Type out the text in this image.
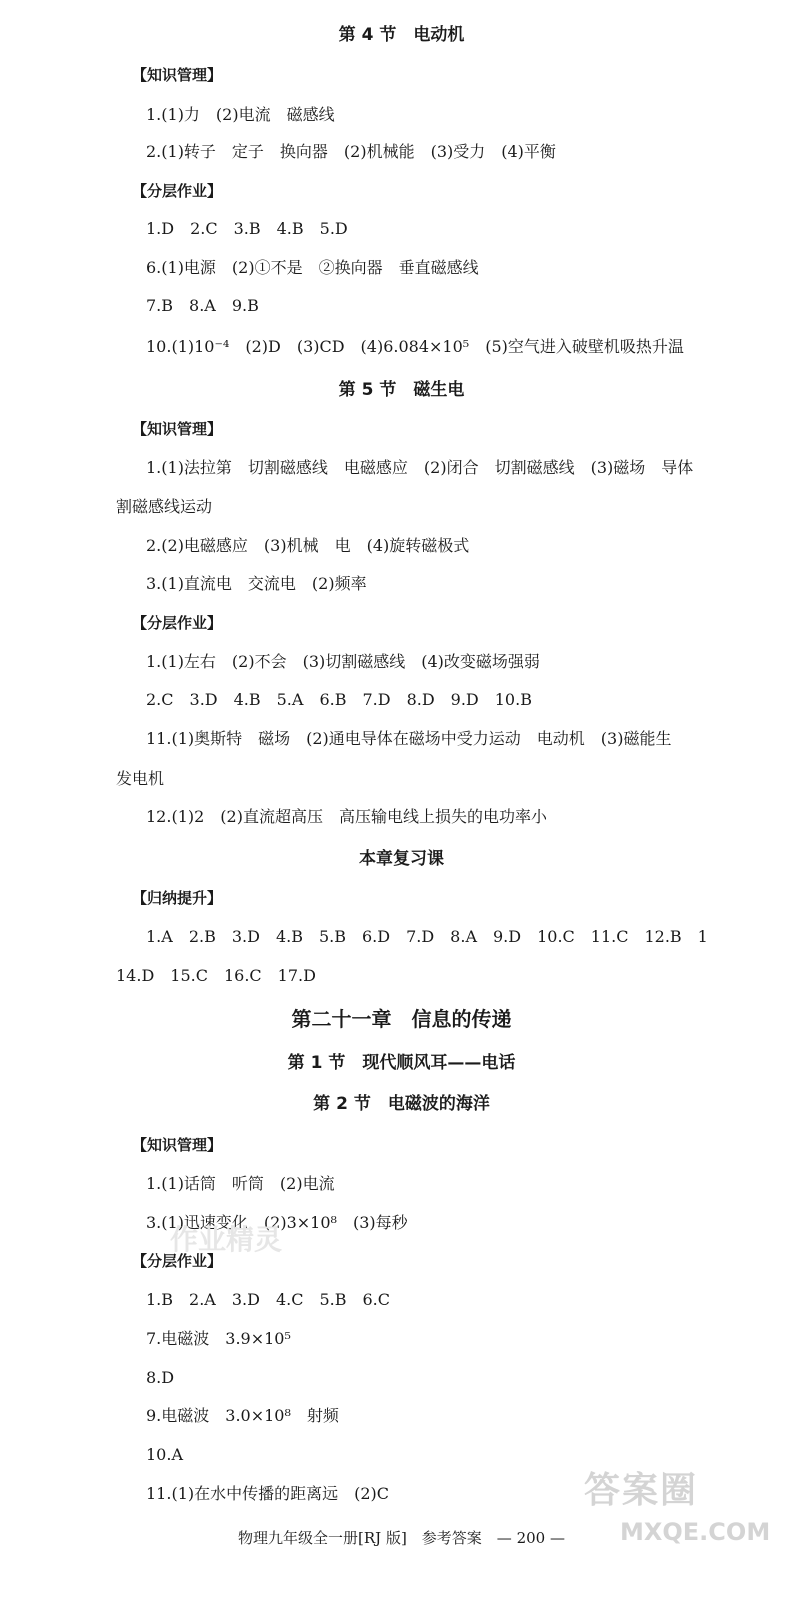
第 4 节　电动机
【知识管理】
1.(1)力　(2)电流　磁感线
2.(1)转子　定子　换向器　(2)机械能　(3)受力　(4)平衡
【分层作业】
1.D　2.C　3.B　4.B　5.D
6.(1)电源　(2)①不是　②换向器　垂直磁感线
7.B　8.A　9.B
10.(1)10⁻⁴　(2)D　(3)CD　(4)6.084×10⁵　(5)空气进入破壁机吸热升温
第 5 节　磁生电
【知识管理】
1.(1)法拉第　切割磁感线　电磁感应　(2)闭合　切割磁感线　(3)磁场　导体
割磁感线运动
2.(2)电磁感应　(3)机械　电　(4)旋转磁极式
3.(1)直流电　交流电　(2)频率
【分层作业】
1.(1)左右　(2)不会　(3)切割磁感线　(4)改变磁场强弱
2.C　3.D　4.B　5.A　6.B　7.D　8.D　9.D　10.B
11.(1)奥斯特　磁场　(2)通电导体在磁场中受力运动　电动机　(3)磁能生
发电机
12.(1)2　(2)直流超高压　高压输电线上损失的电功率小
本章复习课
【归纳提升】
1.A　2.B　3.D　4.B　5.B　6.D　7.D　8.A　9.D　10.C　11.C　12.B　1
14.D　15.C　16.C　17.D
第二十一章　信息的传递
第 1 节　现代顺风耳——电话
第 2 节　电磁波的海洋
【知识管理】
1.(1)话筒　听筒　(2)电流
3.(1)迅速变化　(2)3×10⁸　(3)每秒
【分层作业】
1.B　2.A　3.D　4.C　5.B　6.C
7.电磁波　3.9×10⁵
8.D
9.电磁波　3.0×10⁸　射频
10.A
11.(1)在水中传播的距离远　(2)C
物理九年级全一册[RJ 版]　参考答案　— 200 —
作业精灵
答案圈
MXQE.COM
